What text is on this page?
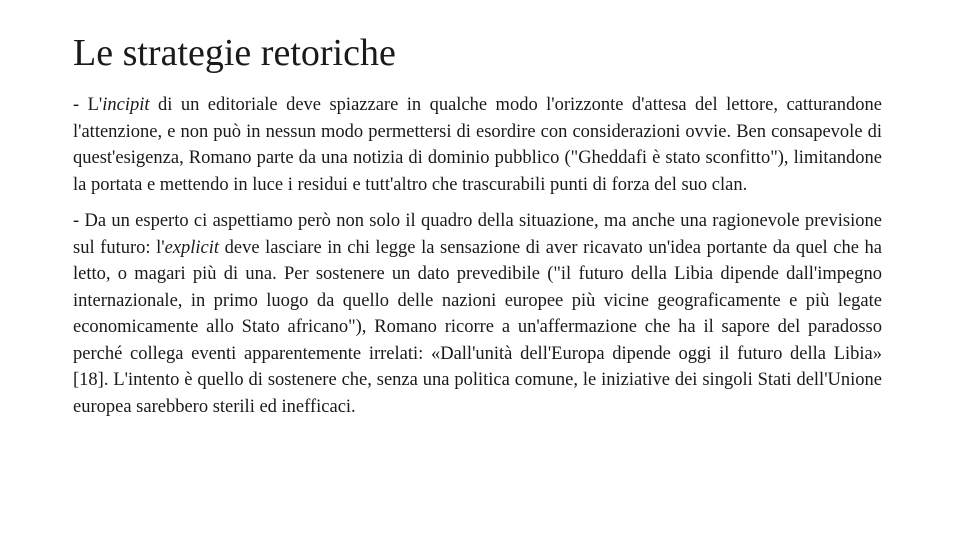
Le strategie retoriche

- L'incipit di un editoriale deve spiazzare in qualche modo l'orizzonte d'attesa del lettore, catturandone l'attenzione, e non può in nessun modo permettersi di esordire con considerazioni ovvie. Ben consapevole di quest'esigenza, Romano parte da una notizia di dominio pubblico ("Gheddafi è stato sconfitto"), limitandone la portata e mettendo in luce i residui e tutt'altro che trascurabili punti di forza del suo clan.

- Da un esperto ci aspettiamo però non solo il quadro della situazione, ma anche una ragionevole previsione sul futuro: l'explicit deve lasciare in chi legge la sensazione di aver ricavato un'idea portante da quel che ha letto, o magari più di una. Per sostenere un dato prevedibile ("il futuro della Libia dipende dall'impegno internazionale, in primo luogo da quello delle nazioni europee più vicine geograficamente e più legate economicamente allo Stato africano"), Romano ricorre a un'affermazione che ha il sapore del paradosso perché collega eventi apparentemente irrelati: «Dall'unità dell'Europa dipende oggi il futuro della Libia» [18]. L'intento è quello di sostenere che, senza una politica comune, le iniziative dei singoli Stati dell'Unione europea sarebbero sterili ed inefficaci.
